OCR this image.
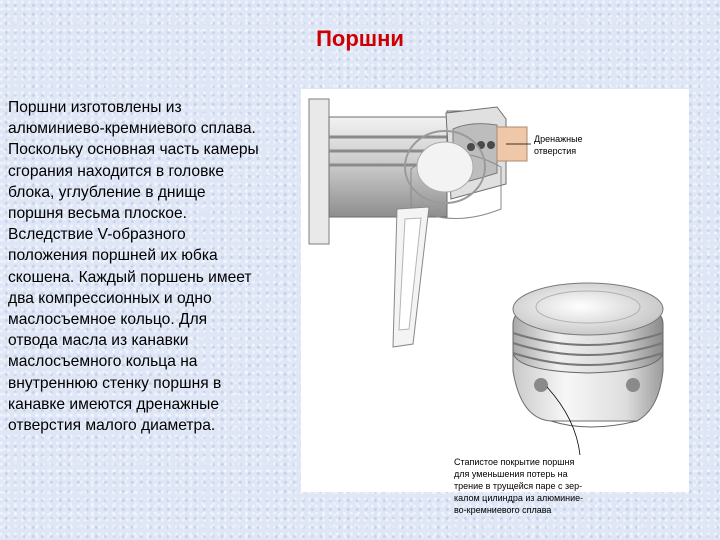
Поршни
Поршни изготовлены из
алюминиево-кремниевого сплава.
Поскольку основная часть камеры
сгорания находится в головке
блока, углубление в днище
поршня весьма плоское.
Вследствие V-образного
положения поршней их юбка
скошена. Каждый поршень имеет
два компрессионных и одно
маслосъемное кольцо. Для
отвода масла из канавки
маслосъемного кольца на
внутреннюю стенку поршня в
канавке имеются дренажные
отверстия малого диаметра.
Дренажные
отверстия
Стапистое покрытие поршня
для уменьшения потерь на
трение в трущейся паре с зер-
калом цилиндра из алюминие-
во-кремниевого сплава
